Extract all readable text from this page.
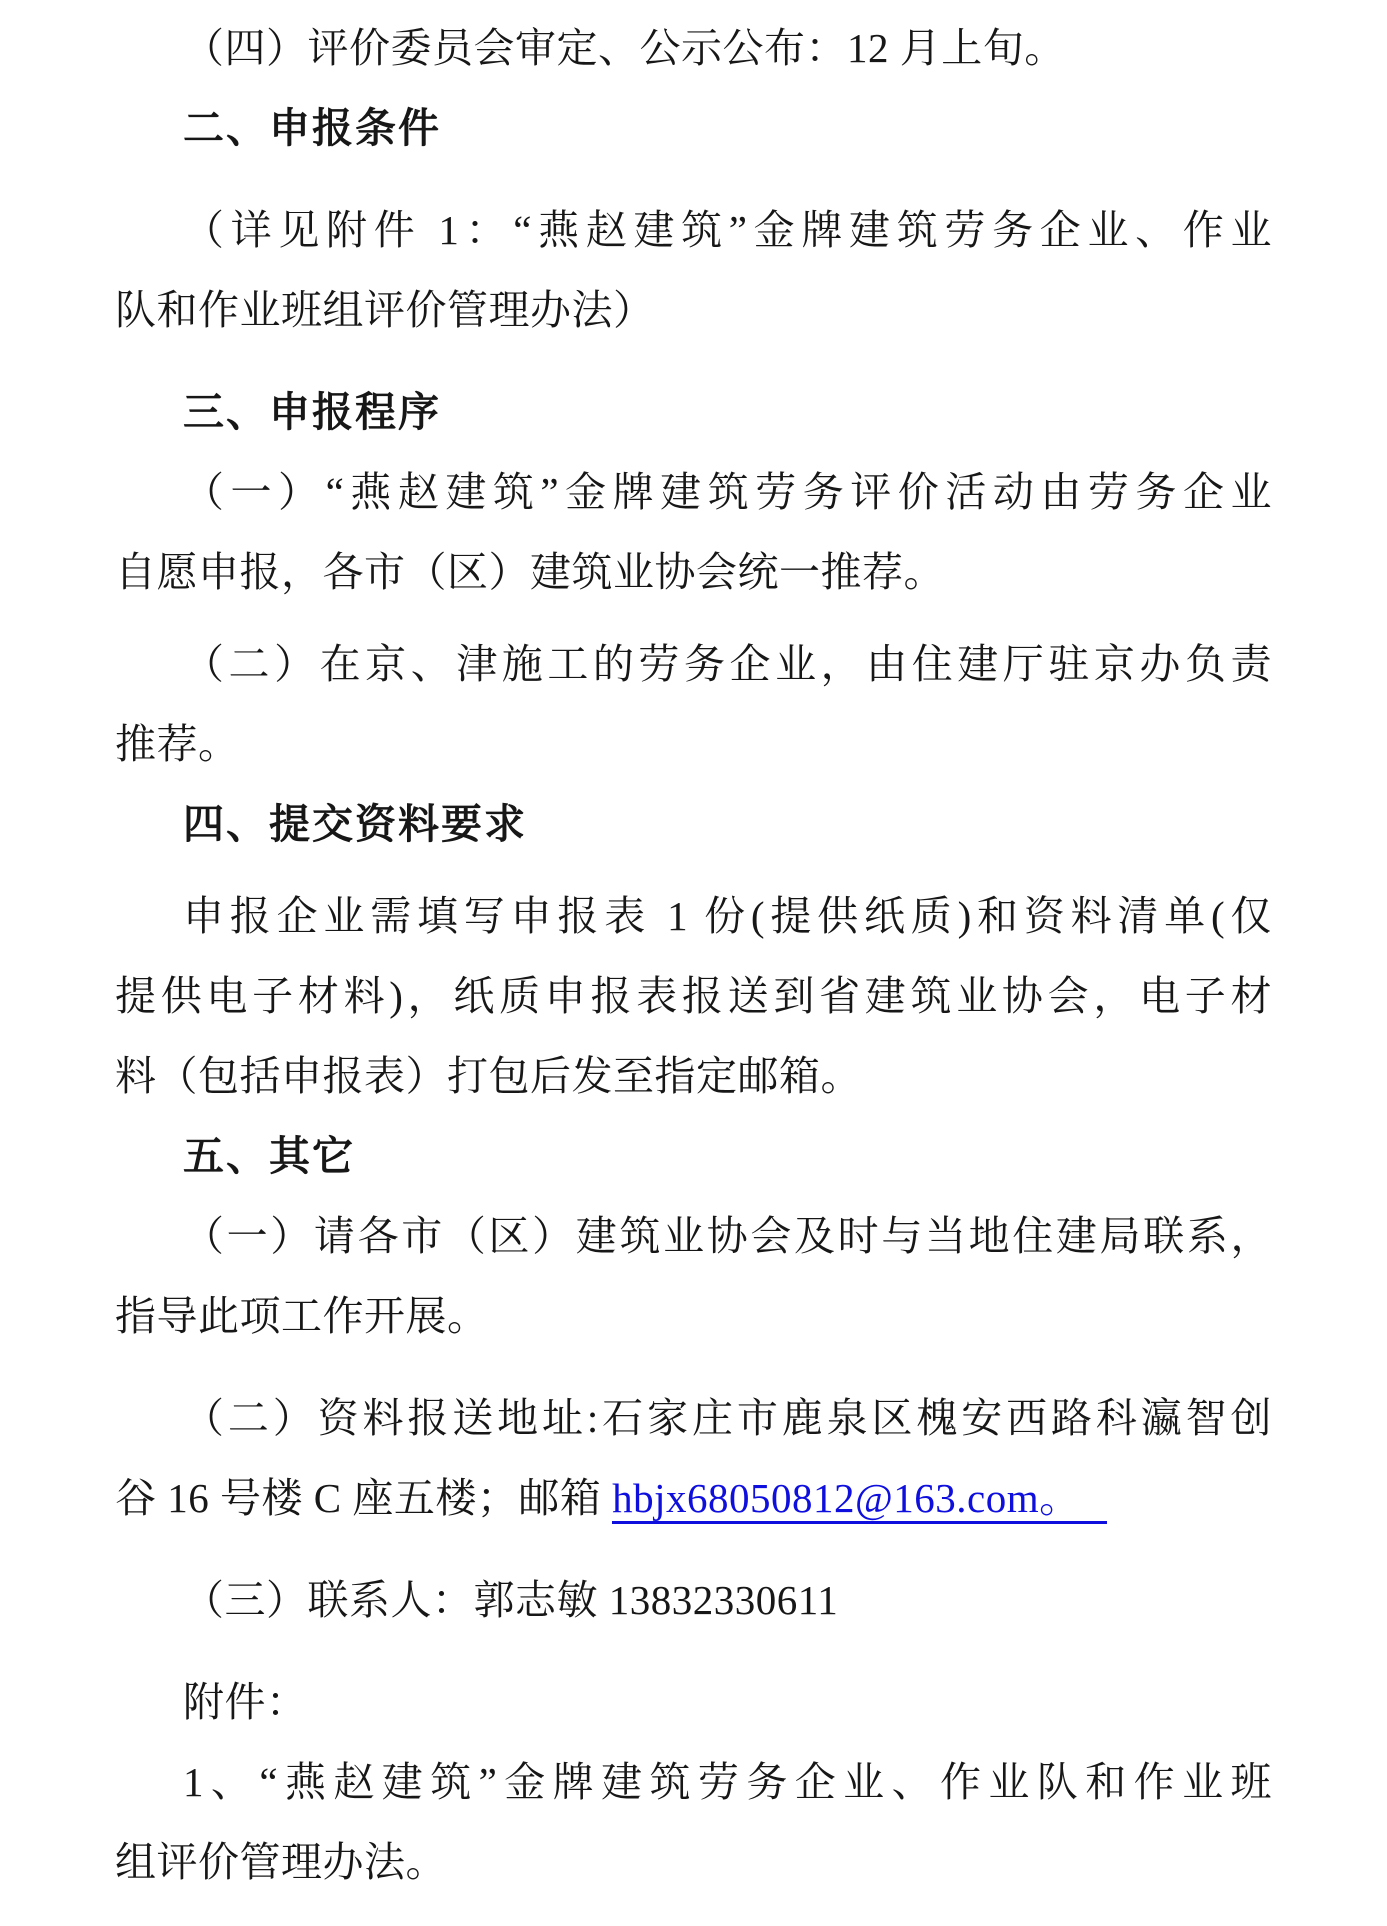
（四）评价委员会审定、公示公布：12 月上旬。
二、申报条件
（详见附件 1：“燕赵建筑”金牌建筑劳务企业、作业
队和作业班组评价管理办法）
三、申报程序
（一）“燕赵建筑”金牌建筑劳务评价活动由劳务企业
自愿申报，各市（区）建筑业协会统一推荐。
（二）在京、津施工的劳务企业，由住建厅驻京办负责
推荐。
四、提交资料要求
申报企业需填写申报表 1 份(提供纸质)和资料清单(仅
提供电子材料)，纸质申报表报送到省建筑业协会，电子材
料（包括申报表）打包后发至指定邮箱。
五、其它
（一）请各市（区）建筑业协会及时与当地住建局联系，
指导此项工作开展。
（二）资料报送地址:石家庄市鹿泉区槐安西路科瀛智创
谷 16 号楼 C 座五楼；邮箱 hbjx68050812@163.com。
（三）联系人：郭志敏 13832330611
附件：
1、“燕赵建筑”金牌建筑劳务企业、作业队和作业班
组评价管理办法。
